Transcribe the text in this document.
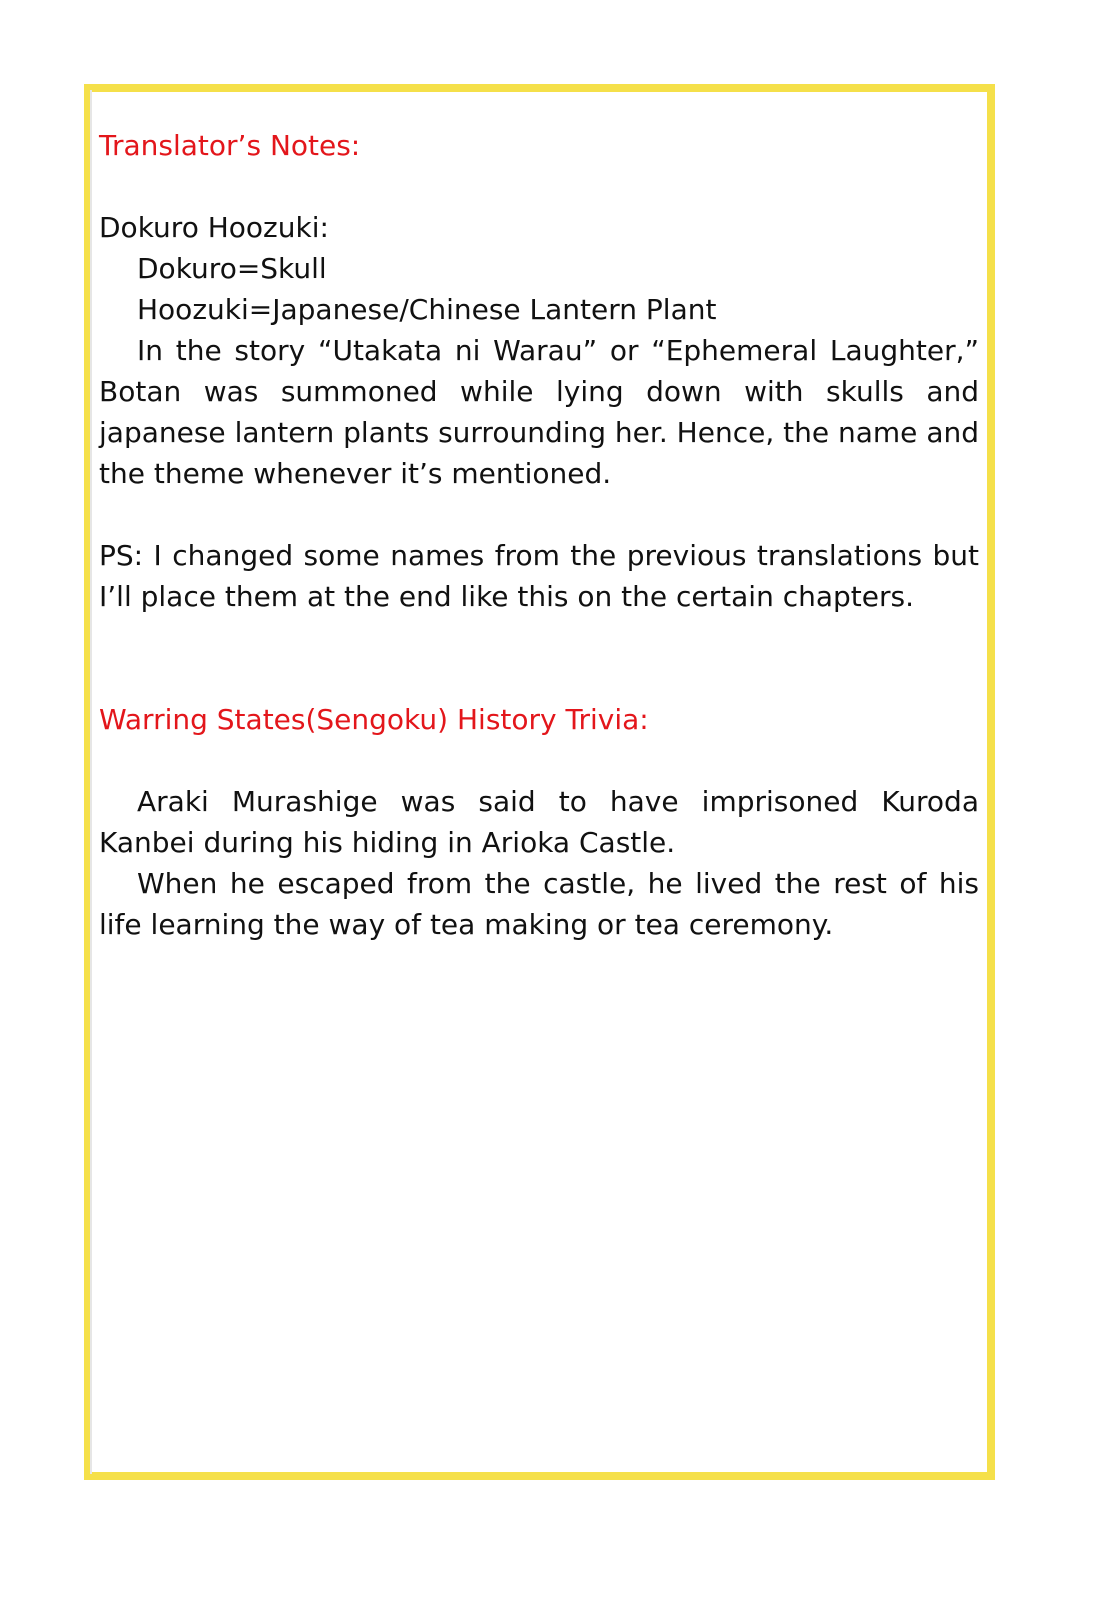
Translator’s Notes:

Dokuro Hoozuki:

Dokuro=Skull

Hoozuki=Japanese/Chinese Lantern Plant

In the story “Utakata ni Warau” or “Ephemeral Laughter,” Botan was summoned while lying down with skulls and japanese lantern plants surrounding her. Hence, the name and the theme whenever it’s mentioned.

PS: I changed some names from the previous translations but I’ll place them at the end like this on the certain chapters.

Warring States(Sengoku) History Trivia:

Araki Murashige was said to have imprisoned Kuroda Kanbei during his hiding in Arioka Castle.

When he escaped from the castle, he lived the rest of his life learning the way of tea making or tea ceremony.
